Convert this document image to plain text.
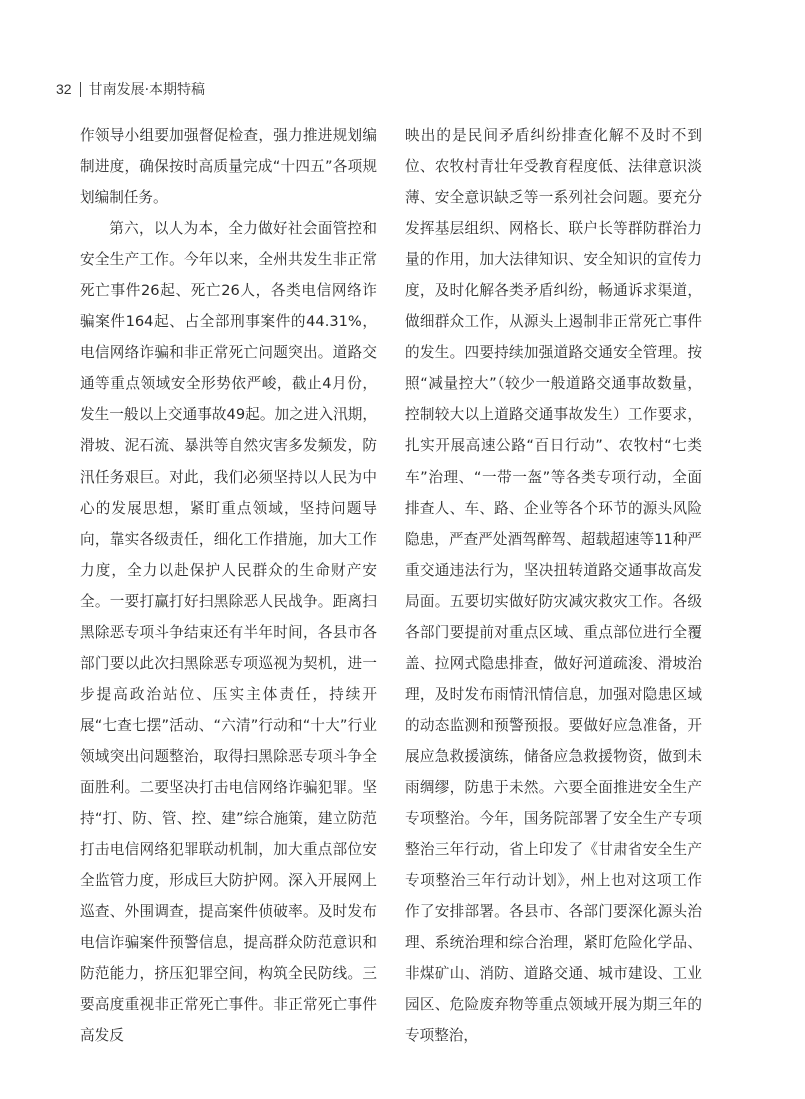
32 甘南发展·本期特稿

作领导小组要加强督促检查，强力推进规划编制进度，确保按时高质量完成“十四五”各项规划编制任务。

第六，以人为本，全力做好社会面管控和安全生产工作。今年以来，全州共发生非正常死亡事件26起、死亡26人，各类电信网络诈骗案件164起、占全部刑事案件的44.31%，电信网络诈骗和非正常死亡问题突出。道路交通等重点领域安全形势依严峻，截止4月份，发生一般以上交通事故49起。加之进入汛期，滑坡、泥石流、暴洪等自然灾害多发频发，防汛任务艰巨。对此，我们必须坚持以人民为中心的发展思想，紧盯重点领域，坚持问题导向，靠实各级责任，细化工作措施，加大工作力度，全力以赴保护人民群众的生命财产安全。一要打赢打好扫黑除恶人民战争。距离扫黑除恶专项斗争结束还有半年时间，各县市各部门要以此次扫黑除恶专项巡视为契机，进一步提高政治站位、压实主体责任，持续开展“七查七摆”活动、“六清”行动和“十大”行业领域突出问题整治，取得扫黑除恶专项斗争全面胜利。二要坚决打击电信网络诈骗犯罪。坚持“打、防、管、控、建”综合施策，建立防范打击电信网络犯罪联动机制，加大重点部位安全监管力度，形成巨大防护网。深入开展网上巡查、外围调查，提高案件侦破率。及时发布电信诈骗案件预警信息，提高群众防范意识和防范能力，挤压犯罪空间，构筑全民防线。三要高度重视非正常死亡事件。非正常死亡事件高发反

映出的是民间矛盾纠纷排查化解不及时不到位、农牧村青壮年受教育程度低、法律意识淡薄、安全意识缺乏等一系列社会问题。要充分发挥基层组织、网格长、联户长等群防群治力量的作用，加大法律知识、安全知识的宣传力度，及时化解各类矛盾纠纷，畅通诉求渠道，做细群众工作，从源头上遏制非正常死亡事件的发生。四要持续加强道路交通安全管理。按照“减量控大”（较少一般道路交通事故数量，控制较大以上道路交通事故发生）工作要求，扎实开展高速公路“百日行动”、农牧村“七类车”治理、“一带一盔”等各类专项行动，全面排查人、车、路、企业等各个环节的源头风险隐患，严查严处酒驾醉驾、超载超速等11种严重交通违法行为，坚决扭转道路交通事故高发局面。五要切实做好防灾减灾救灾工作。各级各部门要提前对重点区域、重点部位进行全覆盖、拉网式隐患排查，做好河道疏浚、滑坡治理，及时发布雨情汛情信息，加强对隐患区域的动态监测和预警预报。要做好应急准备，开展应急救援演练，储备应急救援物资，做到未雨绸缪，防患于未然。六要全面推进安全生产专项整治。今年，国务院部署了安全生产专项整治三年行动，省上印发了《甘肃省安全生产专项整治三年行动计划》，州上也对这项工作作了安排部署。各县市、各部门要深化源头治理、系统治理和综合治理，紧盯危险化学品、非煤矿山、消防、道路交通、城市建设、工业园区、危险废弃物等重点领域开展为期三年的专项整治，
